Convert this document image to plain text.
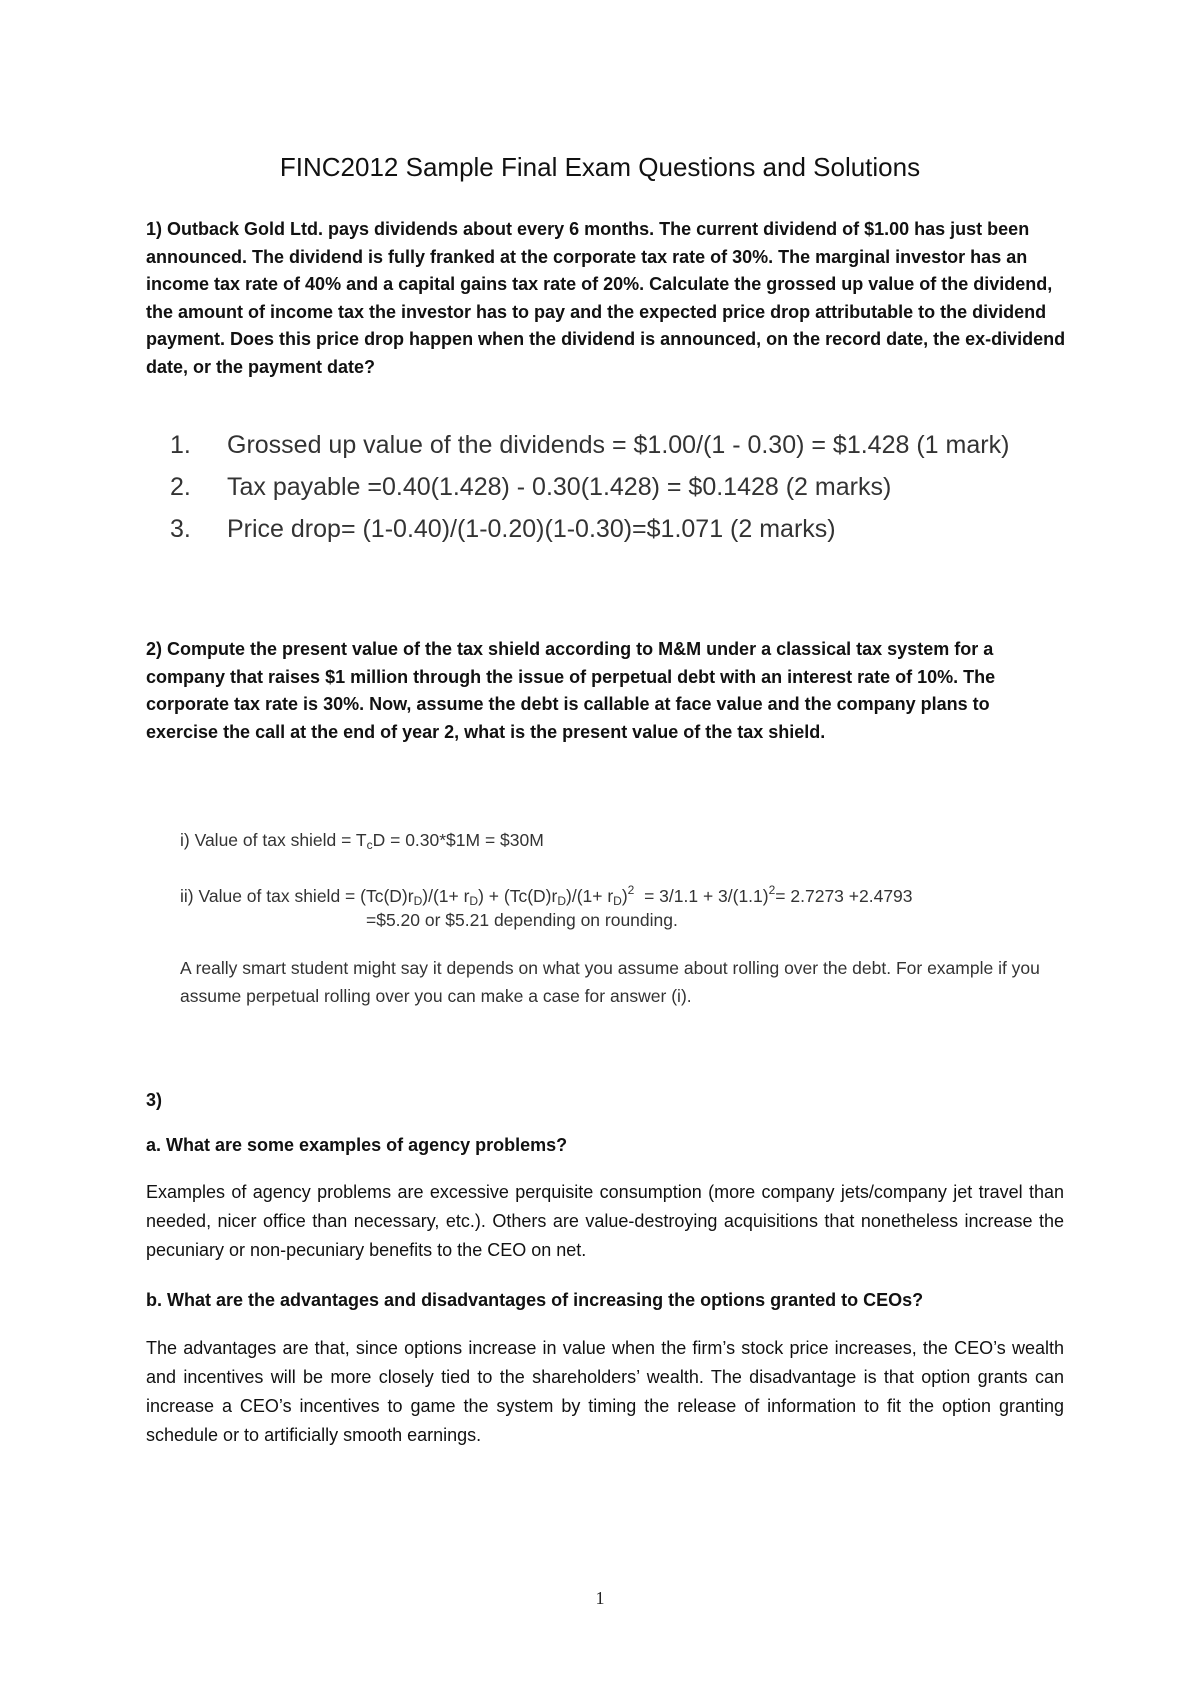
FINC2012 Sample Final Exam Questions and Solutions
1) Outback Gold Ltd. pays dividends about every 6 months. The current dividend of $1.00 has just been announced. The dividend is fully franked at the corporate tax rate of 30%. The marginal investor has an income tax rate of 40% and a capital gains tax rate of 20%. Calculate the grossed up value of the dividend, the amount of income tax the investor has to pay and the expected price drop attributable to the dividend payment. Does this price drop happen when the dividend is announced, on the record date, the ex-dividend date, or the payment date?
1.	Grossed up value of the dividends = $1.00/(1 - 0.30) = $1.428 (1 mark)
2.	Tax payable =0.40(1.428) - 0.30(1.428) = $0.1428 (2 marks)
3.	Price drop= (1-0.40)/(1-0.20)(1-0.30)=$1.071 (2 marks)
2) Compute the present value of the tax shield according to M&M under a classical tax system for a company that raises $1 million through the issue of perpetual debt with an interest rate of 10%. The corporate tax rate is 30%. Now, assume the debt is callable at face value and the company plans to exercise the call at the end of year 2, what is the present value of the tax shield.
i) Value of tax shield = $T_cD$ = 0.30*$1M = $30M
ii) Value of tax shield = $(Tc(D)r_D)/(1+ r_D) + (Tc(D)r_D)/(1+ r_D)^2 = 3/1.1 + 3/(1.1)^2= 2.7273 +2.4793$
=$5.20 or $5.21 depending on rounding.
A really smart student might say it depends on what you assume about rolling over the debt. For example if you assume perpetual rolling over you can make a case for answer (i).
3)
a. What are some examples of agency problems?
Examples of agency problems are excessive perquisite consumption (more company jets/company jet travel than needed, nicer office than necessary, etc.). Others are value-destroying acquisitions that nonetheless increase the pecuniary or non-pecuniary benefits to the CEO on net.
b. What are the advantages and disadvantages of increasing the options granted to CEOs?
The advantages are that, since options increase in value when the firm’s stock price increases, the CEO’s wealth and incentives will be more closely tied to the shareholders’ wealth. The disadvantage is that option grants can increase a CEO’s incentives to game the system by timing the release of information to fit the option granting schedule or to artificially smooth earnings.
1
